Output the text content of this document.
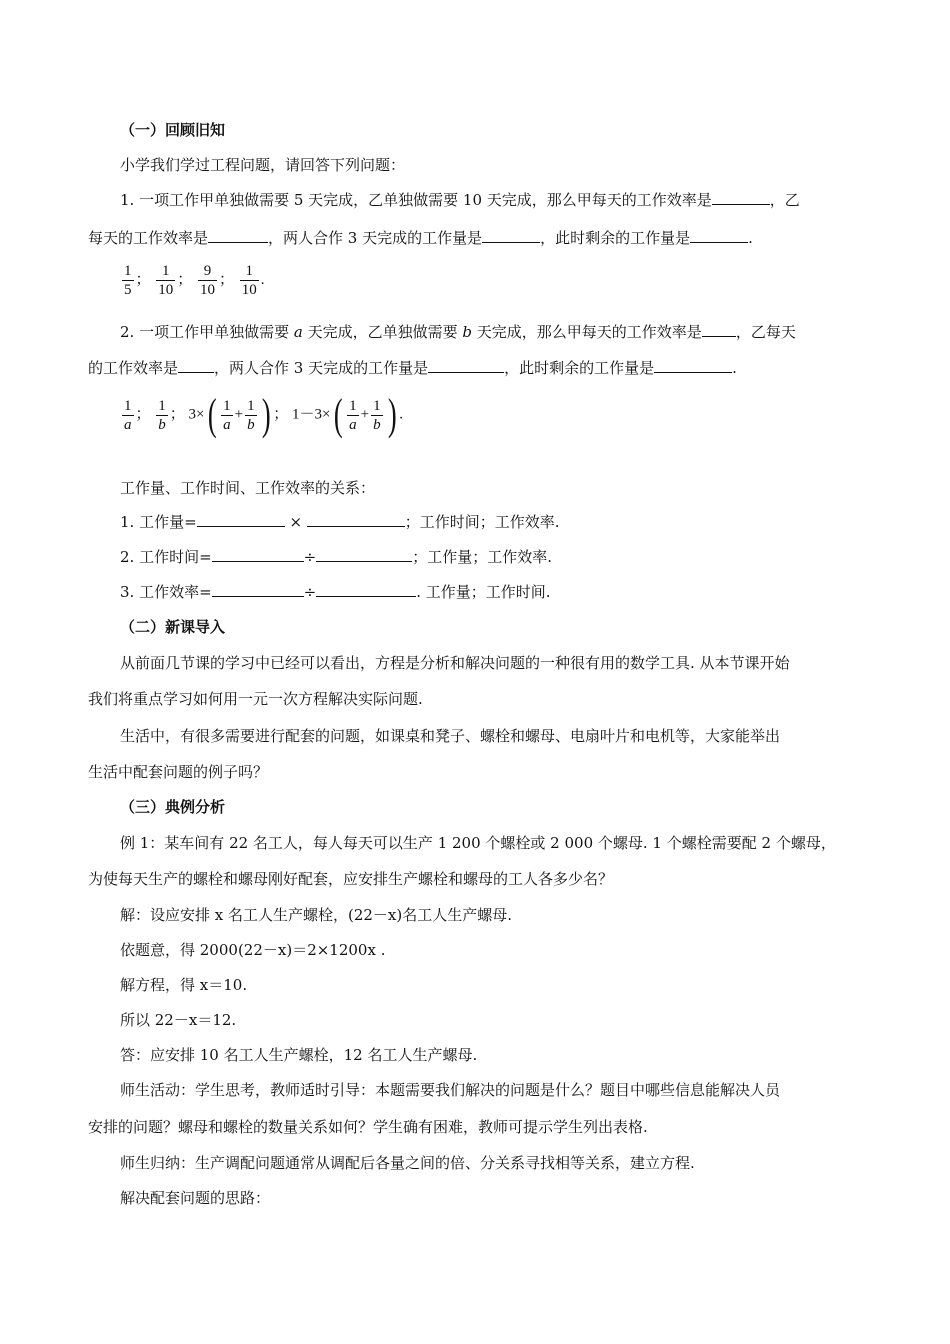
（一）回顾旧知
小学我们学过工程问题，请回答下列问题：
1. 一项工作甲单独做需要 5 天完成，乙单独做需要 10 天完成，那么甲每天的工作效率是	，乙
每天的工作效率是	，两人合作 3 天完成的工作量是	，此时剩余的工作量是	.
$\frac{1}{5}$ ； $\frac{1}{10}$ ； $\frac{9}{10}$ ； $\frac{1}{10}$ .
2. 一项工作甲单独做需要 a 天完成，乙单独做需要 b 天完成，那么甲每天的工作效率是 ，乙每天
的工作效率是 ，两人合作 3 天完成的工作量是	，此时剩余的工作量是	.
$\frac{1}{a}$ ； $\frac{1}{b}$ ； $3\times( \frac{1}{a} + \frac{1}{b}$ ) ； $1-3\times( \frac{1}{a} + \frac{1}{b}$ ) .
工作量、工作时间、工作效率的关系：
1. 工作量=	×	；工作时间；工作效率.
2. 工作时间=	÷	；工作量；工作效率.
3. 工作效率=	÷	. 工作量；工作时间.
（二）新课导入
从前面几节课的学习中已经可以看出，方程是分析和解决问题的一种很有用的数学工具. 从本节课开始
我们将重点学习如何用一元一次方程解决实际问题.
生活中，有很多需要进行配套的问题，如课桌和凳子、螺栓和螺母、电扇叶片和电机等，大家能举出
生活中配套问题的例子吗？
（三）典例分析
例 1：某车间有 22 名工人，每人每天可以生产 1 200 个螺栓或 2 000 个螺母. 1 个螺栓需要配 2 个螺母，
为使每天生产的螺栓和螺母刚好配套，应安排生产螺栓和螺母的工人各多少名？
解：设应安排 x 名工人生产螺栓，(22－x)名工人生产螺母.
依题意，得 2000(22－x)＝2×1200x .
解方程，得 x＝10.
所以 22－x＝12.
答：应安排 10 名工人生产螺栓，12 名工人生产螺母.
师生活动：学生思考，教师适时引导：本题需要我们解决的问题是什么？题目中哪些信息能解决人员
安排的问题？螺母和螺栓的数量关系如何？学生确有困难，教师可提示学生列出表格.
师生归纳：生产调配问题通常从调配后各量之间的倍、分关系寻找相等关系，建立方程.
解决配套问题的思路：
